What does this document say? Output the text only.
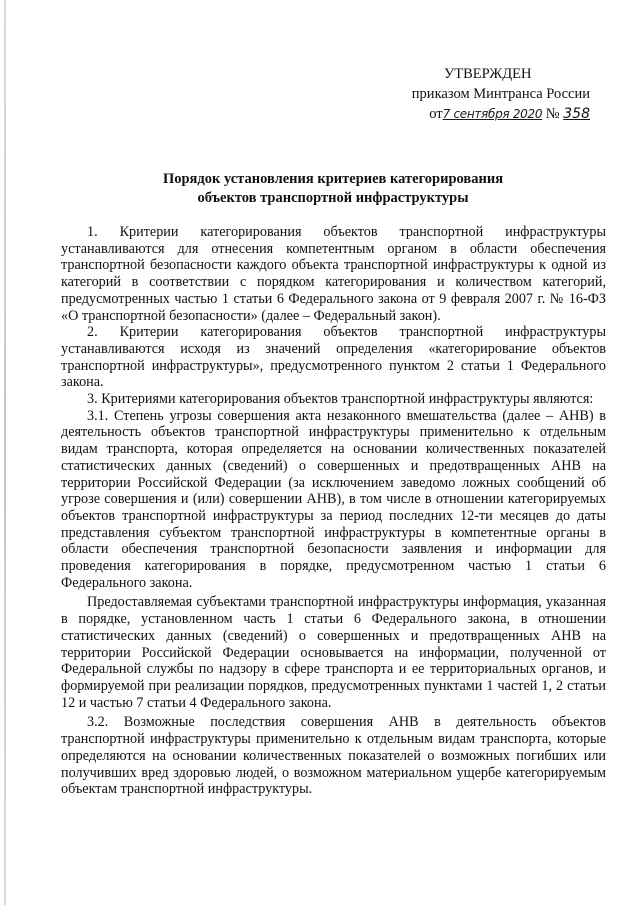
УТВЕРЖДЕН
приказом Минтранса России
от7 сентября 2020 № 358
Порядок установления критериев категорирования
объектов транспортной инфраструктуры

1. Критерии категорирования объектов транспортной инфраструктуры устанавливаются для отнесения компетентным органом в области обеспечения транспортной безопасности каждого объекта транспортной инфраструктуры к одной из категорий в соответствии с порядком категорирования и количеством категорий, предусмотренных частью 1 статьи 6 Федерального закона от 9 февраля 2007 г. № 16-ФЗ «О транспортной безопасности» (далее – Федеральный закон).

2. Критерии категорирования объектов транспортной инфраструктуры устанавливаются исходя из значений определения «категорирование объектов транспортной инфраструктуры», предусмотренного пунктом 2 статьи 1 Федерального закона.

3. Критериями категорирования объектов транспортной инфраструктуры являются:

3.1. Степень угрозы совершения акта незаконного вмешательства (далее – АНВ) в деятельность объектов транспортной инфраструктуры применительно к отдельным видам транспорта, которая определяется на основании количественных показателей статистических данных (сведений) о совершенных и предотвращенных АНВ на территории Российской Федерации (за исключением заведомо ложных сообщений об угрозе совершения и (или) совершении АНВ), в том числе в отношении категорируемых объектов транспортной инфраструктуры за период последних 12-ти месяцев до даты представления субъектом транспортной инфраструктуры в компетентные органы в области обеспечения транспортной безопасности заявления и информации для проведения категорирования в порядке, предусмотренном частью 1 статьи 6 Федерального закона.

Предоставляемая субъектами транспортной инфраструктуры информация, указанная в порядке, установленном часть 1 статьи 6 Федерального закона, в отношении статистических данных (сведений) о совершенных и предотвращенных АНВ на территории Российской Федерации основывается на информации, полученной от Федеральной службы по надзору в сфере транспорта и ее территориальных органов, и формируемой при реализации порядков, предусмотренных пунктами 1 частей 1, 2 статьи 12 и частью 7 статьи 4 Федерального закона.

3.2. Возможные последствия совершения АНВ в деятельность объектов транспортной инфраструктуры применительно к отдельным видам транспорта, которые определяются на основании количественных показателей о возможных погибших или получивших вред здоровью людей, о возможном материальном ущербе категорируемым объектам транспортной инфраструктуры.
